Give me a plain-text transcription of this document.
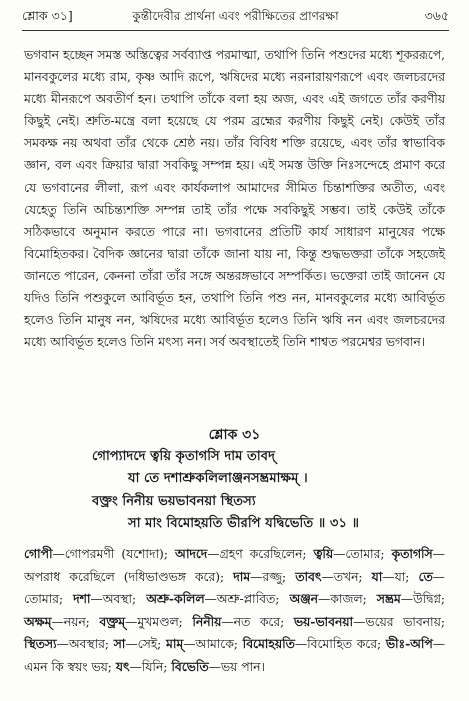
শ্লোক ৩১]	কুন্তীদেবীর প্রার্থনা এবং পরীক্ষিতের প্রাণরক্ষা	৩৬৫
ভগবান হচ্ছেন সমস্ত অস্তিত্বের সর্বব্যাপ্ত পরমাত্মা, তথাপি তিনি পশুদের মধ্যে শূকররূপে, মানবকুলের মধ্যে রাম, কৃষ্ণ আদি রূপে, ঋষিদের মধ্যে নরনারায়ণরূপে এবং জলচরদের মধ্যে মীনরূপে অবতীর্ণ হন। তথাপি তাঁকে বলা হয় অজ, এবং এই জগতে তাঁর করণীয় কিছুই নেই। শ্রুতি-মন্ত্রে বলা হয়েছে যে পরম ব্রহ্মের করণীয় কিছুই নেই। কেউই তাঁর সমকক্ষ নয় অথবা তাঁর থেকে শ্রেষ্ঠ নয়। তাঁর বিবিধ শক্তি রয়েছে, এবং তাঁর স্বাভাবিক জ্ঞান, বল এবং ক্রিয়ার দ্বারা সবকিছু সম্পন্ন হয়। এই সমস্ত উক্তি নিঃসন্দেহে প্রমাণ করে যে ভগবানের লীলা, রূপ এবং কার্যকলাপ আমাদের সীমিত চিন্তাশক্তির অতীত, এবং যেহেতু তিনি অচিন্ত্যশক্তি সম্পন্ন তাই তাঁর পক্ষে সবকিছুই সম্ভব। তাই কেউই তাঁকে সঠিকভাবে অনুমান করতে পারে না। ভগবানের প্রতিটি কার্য সাধারণ মানুষের পক্ষে বিমোহিতকর। বৈদিক জ্ঞানের দ্বারা তাঁকে জানা যায় না, কিন্তু শুদ্ধভক্তরা তাঁকে সহজেই জানতে পারেন, কেননা তাঁরা তাঁর সঙ্গে অন্তরঙ্গভাবে সম্পর্কিত। ভক্তেরা তাই জানেন যে যদিও তিনি পশুকুলে আবির্ভূত হন, তথাপি তিনি পশু নন, মানবকুলের মধ্যে আবির্ভূত হলেও তিনি মানুষ নন, ঋষিদের মধ্যে আবির্ভূত হলেও তিনি ঋষি নন এবং জলচরদের মধ্যে আবির্ভূত হলেও তিনি মৎস্য নন। সর্ব অবস্থাতেই তিনি শাশ্বত পরমেশ্বর ভগবান।
শ্লোক ৩১
গোপ্যাদদে ত্বয়ি কৃতাগসি দাম তাবদ্
যা তে দশাশ্রুকলিলাঞ্জনসম্ভ্রমাক্ষম্ ।
বক্ত্রং নিনীয় ভয়ভাবনয়া স্থিতস্য
সা মাং বিমোহয়তি ভীরপি যদ্বিভেতি ॥ ৩১ ॥
গোপী—গোপরমণী (যশোদা); আদদে—গ্রহণ করেছিলেন; ত্বয়ি—তোমার; কৃতাগসি—অপরাধ করেছিলে (দধিভাণ্ডভঙ্গ করে); দাম—রজ্জু; তাবৎ—তখন; যা—যা; তে—তোমার; দশা—অবস্থা; অশ্রু-কলিল—অশ্রু-প্লাবিত; অঞ্জন—কাজল; সম্ভ্রম—উদ্বিগ্ন; অক্ষম্—নয়ন; বক্ত্রম্—মুখমণ্ডল; নিনীয়—নত করে; ভয়-ভাবনয়া—ভয়ের ভাবনায়; স্থিতস্য—অবস্থার; সা—সেই; মাম্—আমাকে; বিমোহয়তি—বিমোহিত করে; ভীঃ-অপি—এমন কি স্বয়ং ভয়; যৎ—যিনি; বিভেতি—ভয় পান।
